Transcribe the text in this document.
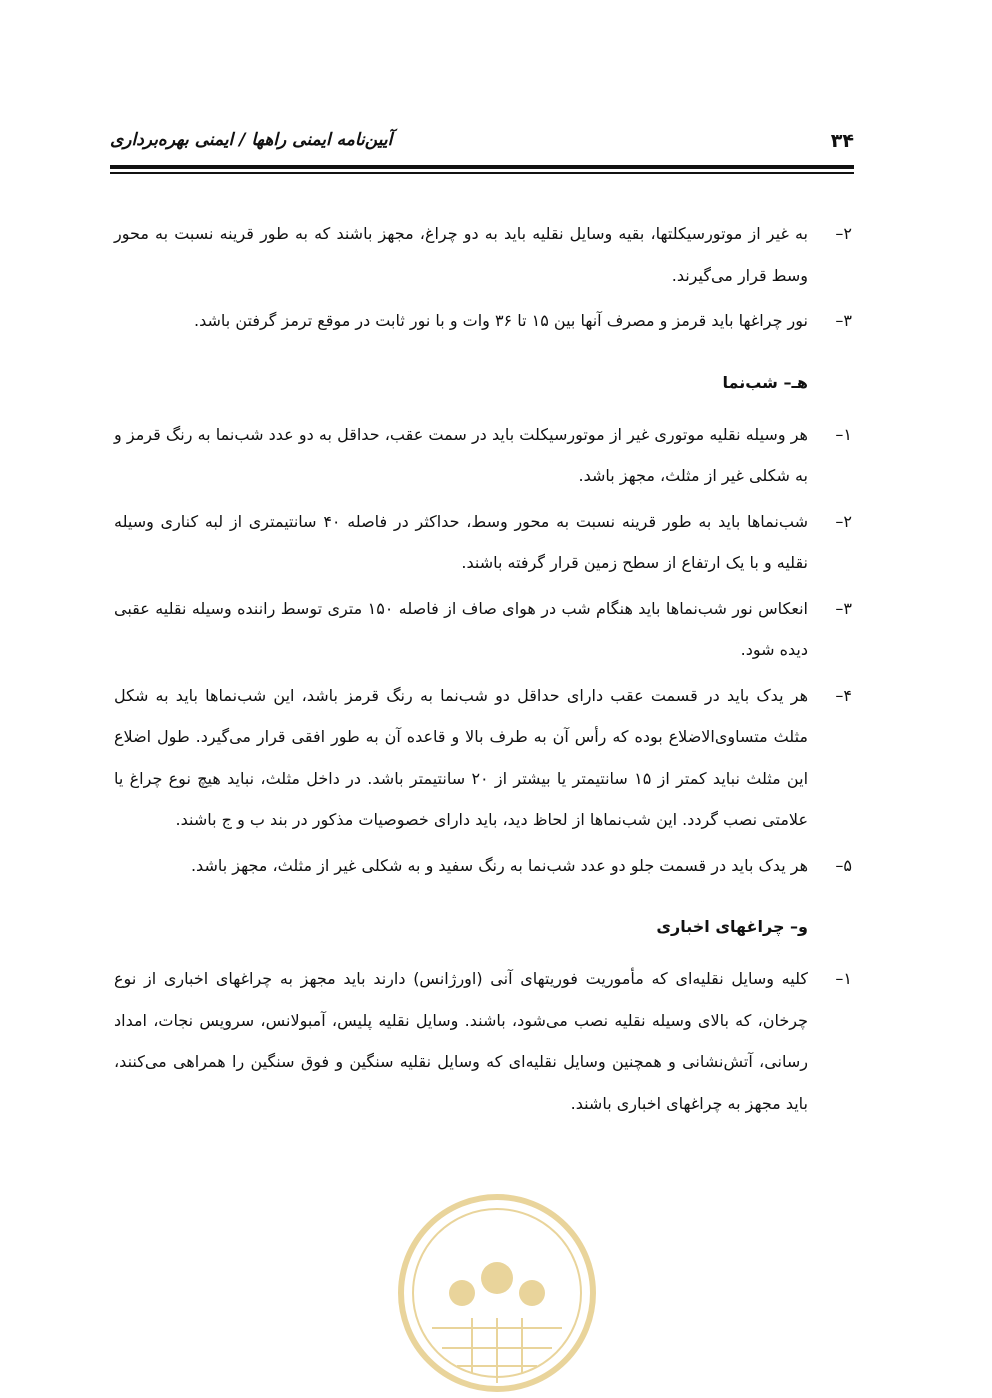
۳۴
آیین‌نامه ایمنی راهها / ایمنی بهره‌برداری
۲–
به غیر از موتورسیکلتها، بقیه وسایل نقلیه باید به دو چراغ، مجهز باشند که به طور قرینه نسبت به محور وسط قرار می‌گیرند.
۳–
نور چراغها باید قرمز و مصرف آنها بین ۱۵ تا ۳۶ وات و با نور ثابت در موقع ترمز گرفتن باشد.
هـ– شب‌نما
۱–
هر وسیله نقلیه موتوری غیر از موتورسیکلت باید در سمت عقب، حداقل به دو عدد شب‌نما به رنگ قرمز و به شکلی غیر از مثلث، مجهز باشد.
۲–
شب‌نماها باید به طور قرینه نسبت به محور وسط، حداکثر در فاصله ۴۰ سانتیمتری از لبه کناری وسیله نقلیه و با یک ارتفاع از سطح زمین قرار گرفته باشند.
۳–
انعکاس نور شب‌نماها باید هنگام شب در هوای صاف از فاصله ۱۵۰ متری توسط راننده وسیله نقلیه عقبی دیده شود.
۴–
هر یدک باید در قسمت عقب دارای حداقل دو شب‌نما به رنگ قرمز باشد، این شب‌نماها باید به شکل مثلث متساوی‌الاضلاع بوده که رأس آن به طرف بالا و قاعده آن به طور افقی قرار می‌گیرد. طول اضلاع این مثلث نباید کمتر از ۱۵ سانتیمتر یا بیشتر از ۲۰ سانتیمتر باشد. در داخل مثلث، نباید هیچ نوع چراغ یا علامتی نصب گردد. این شب‌نماها از لحاظ دید، باید دارای خصوصیات مذکور در بند ب و ج باشند.
۵–
هر یدک باید در قسمت جلو دو عدد شب‌نما به رنگ سفید و به شکلی غیر از مثلث، مجهز باشد.
و– چراغهای اخباری
۱–
کلیه وسایل نقلیه‌ای که مأموریت فوریتهای آنی (اورژانس) دارند باید مجهز به چراغهای اخباری از نوع چرخان، که بالای وسیله نقلیه نصب می‌شود، باشند. وسایل نقلیه پلیس، آمبولانس، سرویس نجات، امداد رسانی، آتش‌نشانی و همچنین وسایل نقلیه‌ای که وسایل نقلیه سنگین و فوق سنگین را همراهی می‌کنند، باید مجهز به چراغهای اخباری باشند.
